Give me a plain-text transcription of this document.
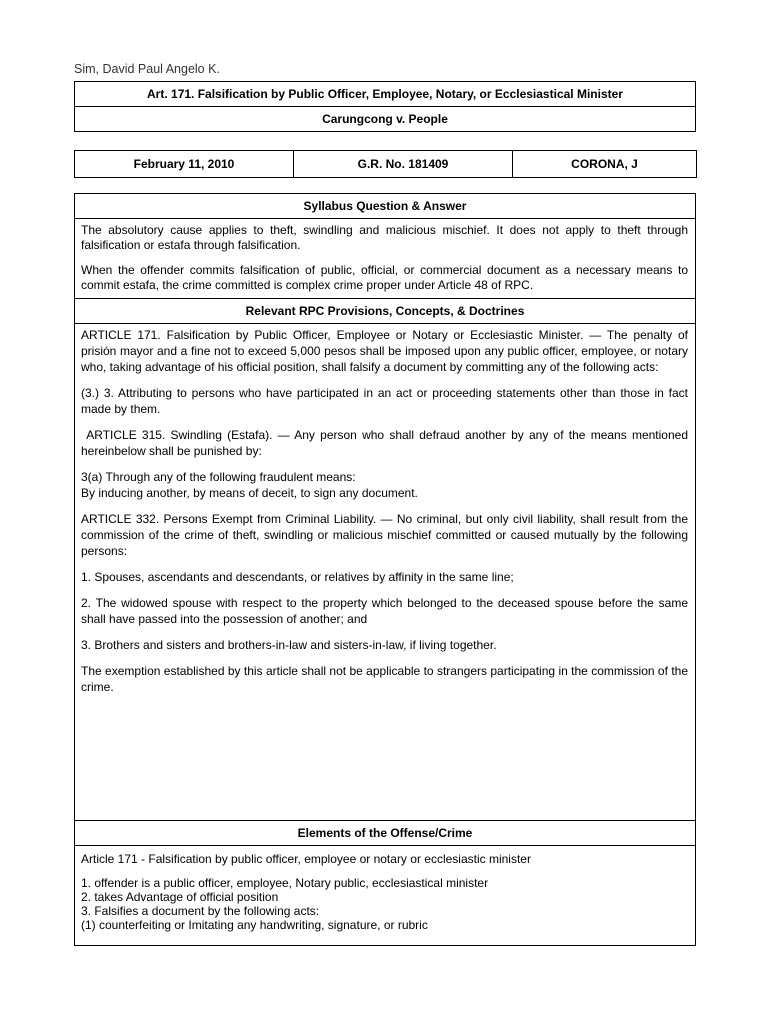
Sim, David Paul Angelo K.
Art. 171. Falsification by Public Officer, Employee, Notary, or Ecclesiastical Minister
Carungcong v. People
February 11, 2010	G.R. No. 181409	CORONA, J
Syllabus Question & Answer

The absolutory cause applies to theft, swindling and malicious mischief. It does not apply to theft through falsification or estafa through falsification.

When the offender commits falsification of public, official, or commercial document as a necessary means to commit estafa, the crime committed is complex crime proper under Article 48 of RPC.

Relevant RPC Provisions, Concepts, & Doctrines

ARTICLE 171. Falsification by Public Officer, Employee or Notary or Ecclesiastic Minister. — The penalty of prisión mayor and a fine not to exceed 5,000 pesos shall be imposed upon any public officer, employee, or notary who, taking advantage of his official position, shall falsify a document by committing any of the following acts:

(3.) 3. Attributing to persons who have participated in an act or proceeding statements other than those in fact made by them.

ARTICLE 315. Swindling (Estafa). — Any person who shall defraud another by any of the means mentioned hereinbelow shall be punished by:

3(a) Through any of the following fraudulent means:

By inducing another, by means of deceit, to sign any document.

ARTICLE 332. Persons Exempt from Criminal Liability. — No criminal, but only civil liability, shall result from the commission of the crime of theft, swindling or malicious mischief committed or caused mutually by the following persons:

1. Spouses, ascendants and descendants, or relatives by affinity in the same line;

2. The widowed spouse with respect to the property which belonged to the deceased spouse before the same shall have passed into the possession of another; and

3. Brothers and sisters and brothers-in-law and sisters-in-law, if living together.

The exemption established by this article shall not be applicable to strangers participating in the commission of the crime.

Elements of the Offense/Crime

Article 171 - Falsification by public officer, employee or notary or ecclesiastic minister

1. offender is a public officer, employee, Notary public, ecclesiastical minister

2. takes Advantage of official position

3. Falsifies a document by the following acts:

(1) counterfeiting or Imitating any handwriting, signature, or rubric
